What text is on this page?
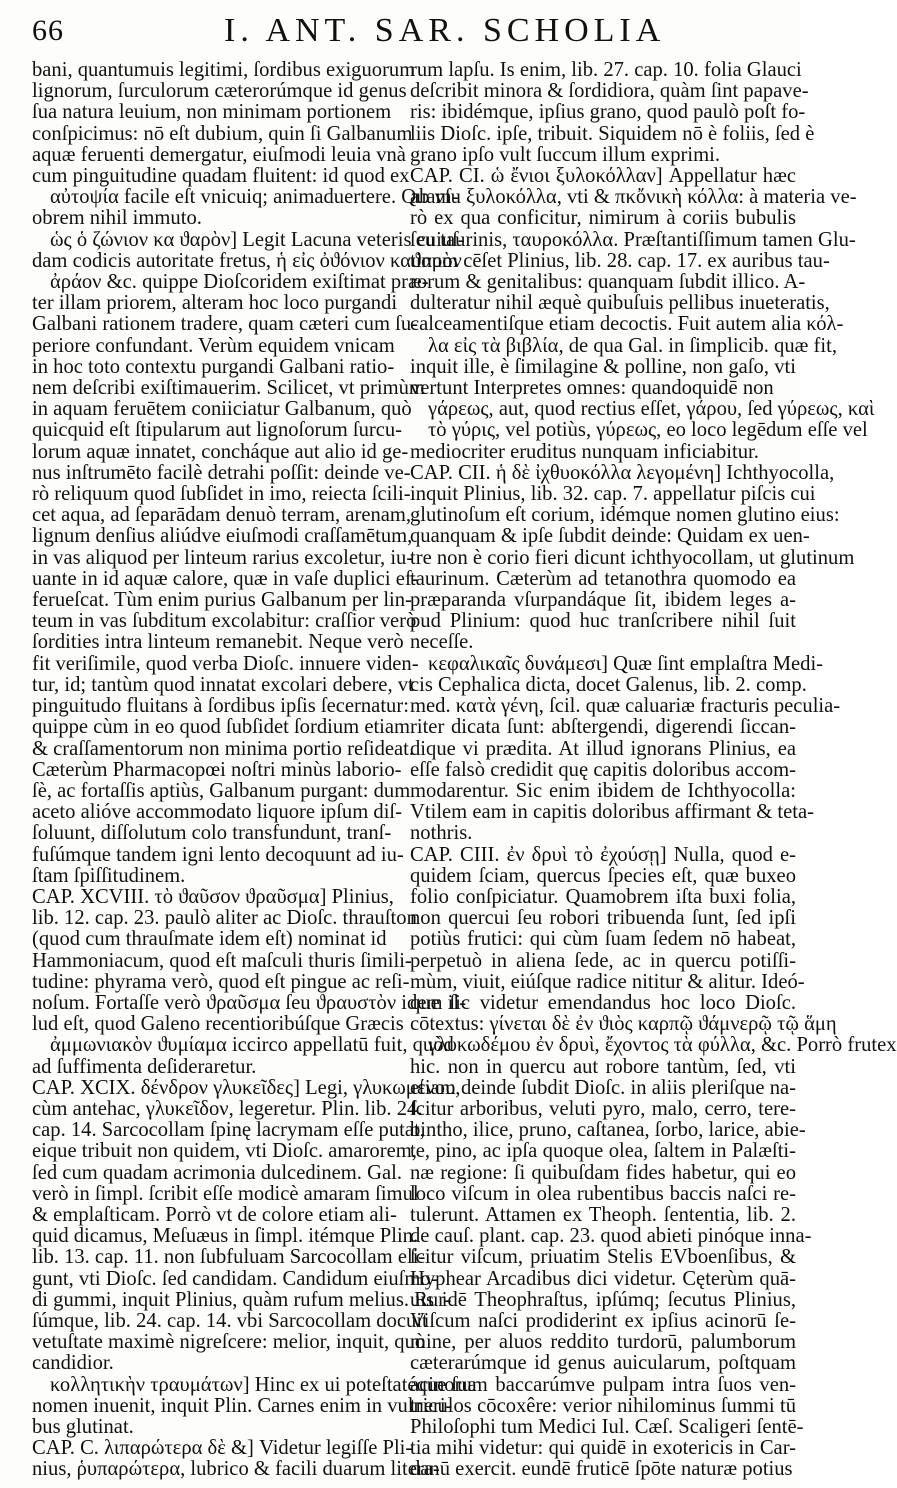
66	I. ANT. SAR. SCHOLIA
bani, quantumuis legitimi, ſordibus exiguorum
lignorum, ſurculorum cæterorúmque id genus
ſua natura leuium, non minimam portionem
conſpicimus: nō eſt dubium, quin ſi Galbanum
aquæ feruenti demergatur, eiuſmodi leuia vnà
cum pinguitudine quadam fluitent: id quod ex
αὐτοψία facile eſt vnicuiq; animaduertere. Quam-
obrem nihil immuto.
ὡς ὁ ζώνιον κα ϑαρὸν] Legit Lacuna veteris cuiuſ-
dam codicis autoritate fretus, ἡ εἰς ὀϑόνιον καϑαρὸν
ἀράον &c. quippe Dioſcoridem exiſtimat præ-
ter illam priorem, alteram hoc loco purgandi
Galbani rationem tradere, quam cæteri cum ſu-
periore confundant. Verùm equidem vnicam
in hoc toto contextu purgandi Galbani ratio-
nem deſcribi exiſtimauerim. Scilicet, vt primùm
in aquam feruētem coniiciatur Galbanum, quò
quicquid eſt ſtipularum aut lignoſorum ſurcu-
lorum aquæ innatet, concháque aut alio id ge-
nus inſtrumēto facilè detrahi poſſit: deinde ve-
rò reliquum quod ſubſidet in imo, reiecta ſcili-
cet aqua, ad ſeparādam denuò terram, arenam,
lignum denſius aliúdve eiuſmodi craſſamētum,
in vas aliquod per linteum rarius excoletur, iu-
uante in id aquæ calore, quæ in vaſe duplici ef-
ferueſcat. Tùm enim purius Galbanum per lin-
teum in vas ſubditum excolabitur: craſſior verò
ſordities intra linteum remanebit. Neque verò
fit veriſimile, quod verba Dioſc. innuere viden-
tur, id; tantùm quod innatat excolari debere, vt
pinguitudo fluitans à ſordibus ipſis ſecernatur:
quippe cùm in eo quod ſubſidet ſordium etiam
& craſſamentorum non minima portio reſideat.
Cæterùm Pharmacopœi noſtri minùs laborio-
ſè, ac fortaſſis aptiùs, Galbanum purgant: dum
aceto alióve accommodato liquore ipſum diſ-
ſoluunt, diſſolutum colo transfundunt, tranſ-
fuſúmque tandem igni lento decoquunt ad iu-
ſtam ſpiſſitudinem.
CAP. XCVIII. τὸ ϑαῦσον ϑραῦσμα] Plinius,
lib. 12. cap. 23. paulò aliter ac Dioſc. thrauſton
(quod cum thrauſmate idem eſt) nominat id
Hammoniacum, quod eſt maſculi thuris ſimili-
tudine: phyrama verò, quod eſt pingue ac reſi-
noſum. Fortaſſe verò ϑραῦσμα ſeu ϑραυστὸν idem il-
lud eſt, quod Galeno recentioribúſque Græcis
ἀμμωνιακὸν ϑυμίαμα iccirco appellatū fuit, quòd
ad ſuffimenta deſideraretur.
CAP. XCIX. δένδρον γλυκεῖδες] Legi, γλυκωμένου,
cùm antehac, γλυκεῖδον, legeretur. Plin. lib. 24.
cap. 14. Sarcocollam ſpinę lacrymam eſſe putat,
eique tribuit non quidem, vti Dioſc. amarorem,
ſed cum quadam acrimonia dulcedinem. Gal.
verò in ſimpl. ſcribit eſſe modicè amaram ſimul
& emplaſticam. Porrò vt de colore etiam ali-
quid dicamus, Meſuæus in ſimpl. itémque Plin.
lib. 13. cap. 11. non ſubfuluam Sarcocollam eli-
gunt, vti Dioſc. ſed candidam. Candidum eiuſmo-
di gummi, inquit Plinius, quàm rufum melius. Rur-
ſúmque, lib. 24. cap. 14. vbi Sarcocollam docuit
vetuſtate maximè nigreſcere: melior, inquit, quò
candidior.
κολλητικὴν τραυμάτων] Hinc ex ui poteſtatéque ſua
nomen inuenit, inquit Plin. Carnes enim in vulneri-
bus glutinat.
CAP. C. λιπαρώτερα δὲ &] Videtur legiſſe Pli-
nius, ῥυπαρώτερα, lubrico & facili duarum litera-
rum lapſu. Is enim, lib. 27. cap. 10. folia Glauci
deſcribit minora & ſordidiora, quàm ſint papave-
ris: ibidémque, ipſius grano, quod paulò poſt fo-
liis Dioſc. ipſe, tribuit. Siquidem nō è foliis, ſed è
grano ipſo vult ſuccum illum exprimi.
CAP. CI. ὡ ἔνιοι ξυλοκόλλαν] Appellatur hæc
ab vſu ξυλοκόλλα, vti & πκὄνικὴ κόλλα: à materia ve-
rò ex qua conficitur, nimirum à coriis bubulis
ſeu taurinis, ταυροκόλλα. Præſtantiſſimum tamen Glu-
tinum cēſet Plinius, lib. 28. cap. 17. ex auribus tau-
rorum & genitalibus: quanquam ſubdit illico. A-
dulteratur nihil æquè quibuſuis pellibus inueteratis,
calceamentiſque etiam decoctis. Fuit autem alia κόλ-
λα εἰς τὰ βιβλία, de qua Gal. in ſimplicib. quæ fit,
inquit ille, è ſimilagine & polline, non gaſo, vti
vertunt Interpretes omnes: quandoquidē non
γάρεως, aut, quod rectius eſſet, γάρου, ſed γύρεως, καὶ
τὸ γύρις, vel potiùs, γύρεως, eo loco legēdum eſſe vel
mediocriter eruditus nunquam inficiabitur.
CAP. CII. ἡ δὲ ἰχθυοκόλλα λεγομένη] Ichthyocolla,
inquit Plinius, lib. 32. cap. 7. appellatur piſcis cui
glutinoſum eſt corium, idémque nomen glutino eius:
quanquam & ipſe ſubdit deinde: Quidam ex uen-
tre non è corio fieri dicunt ichthyocollam, ut glutinum
taurinum. Cæterùm ad tetanothra quomodo ea
præparanda vſurpandáque ſit, ibidem leges a-
pud Plinium: quod huc tranſcribere nihil ſuit
neceſſe.
κεφαλικαῖς δυνάμεσι] Quæ ſint emplaſtra Medi-
cis Cephalica dicta, docet Galenus, lib. 2. comp.
med. κατὰ γένη, ſcil. quæ caluariæ fracturis peculia-
riter dicata ſunt: abſtergendi, digerendi ſiccan-
dique vi prædita. At illud ignorans Plinius, ea
eſſe falsò credidit quę capitis doloribus accom-
modarentur. Sic enim ibidem de Ichthyocolla:
Vtilem eam in capitis doloribus affirmant & teta-
nothris.
CAP. CIII. ἐν δρυὶ τὸ ἐχούσῃ] Nulla, quod e-
quidem ſciam, quercus ſpecies eſt, quæ buxeo
folio conſpiciatur. Quamobrem iſta buxi folia,
non quercui ſeu robori tribuenda ſunt, ſed ipſi
potiùs frutici: qui cùm ſuam ſedem nō habeat,
perpetuò in aliena ſede, ac in quercu potiſſi-
mùm, viuit, eiúſque radice nititur & alitur. Ideó-
que ſic videtur emendandus hoc loco Dioſc.
cōtextus: γίνεται δὲ ἐν ϑιὸς καρπῷ ϑάμνερῷ τῷ ἅμη
γλυκωδέμου ἐν δρυὶ, ἔχοντος τὰ φύλλα, &c. Porrò frutex
hic. non in quercu aut robore tantùm, ſed, vti
etiam deinde ſubdit Dioſc. in aliis pleriſque na-
ſcitur arboribus, veluti pyro, malo, cerro, tere-
bintho, ilice, pruno, caſtanea, ſorbo, larice, abie-
te, pino, ac ipſa quoque olea, ſaltem in Palæſti-
næ regione: ſi quibuſdam fides habetur, qui eo
loco viſcum in olea rubentibus baccis naſci re-
tulerunt. Attamen ex Theoph. ſententia, lib. 2.
de cauſ. plant. cap. 23. quod abieti pinóque inna-
ſcitur viſcum, priuatim Stelis EVboenſibus, &
Hyphear Arcadibus dici videtur. Cęterùm quā-
uis idē Theophraſtus, ipſúmq; ſecutus Plinius,
Viſcum naſci prodiderint ex ipſius acinorū ſe-
mine, per aluos reddito turdorū, palumborum
cæterarúmque id genus auicularum, poſtquam
acinorum baccarúmve pulpam intra ſuos ven-
triculos cōcoxêre: verior nihilominus ſummi tū
Philoſophi tum Medici Iul. Cæſ. Scaligeri ſentē-
tia mihi videtur: qui quidē in exotericis in Car-
danū exercit. eundē fruticē ſpōte naturæ potius
